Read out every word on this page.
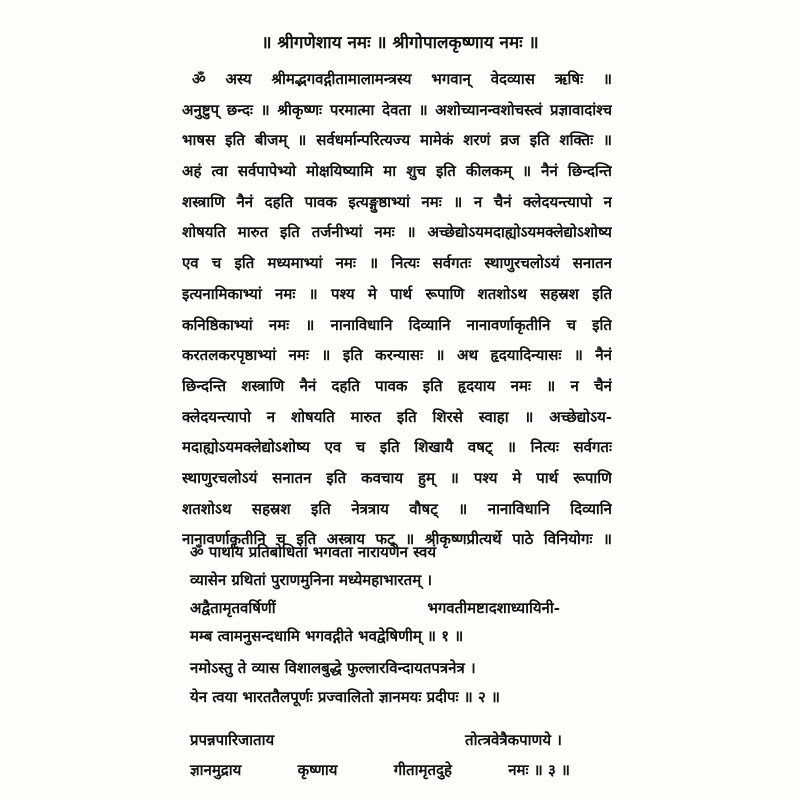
॥ श्रीगणेशाय नमः ॥ श्रीगोपालकृष्णाय नमः ॥
ॐ अस्य श्रीमद्भगवद्गीतामालामन्त्रस्य भगवान् वेदव्यास ऋषिः ॥
अनुष्टुप् छन्दः ॥ श्रीकृष्णः परमात्मा देवता ॥ अशोच्यानन्वशोचस्त्वं प्रज्ञावादांश्च
भाषस इति बीजम् ॥ सर्वधर्मान्परित्यज्य मामेकं शरणं व्रज इति शक्तिः ॥
अहं त्वा सर्वपापेभ्यो मोक्षयिष्यामि मा शुच इति कीलकम् ॥ नैनं छिन्दन्ति
शस्त्राणि नैनं दहति पावक इत्यङ्गुष्ठाभ्यां नमः ॥ न चैनं क्लेदयन्त्यापो न
शोषयति मारुत इति तर्जनीभ्यां नमः ॥ अच्छेद्योऽयमदाह्योऽयमक्लेद्योऽशोष्य
एव च इति मध्यमाभ्यां नमः ॥ नित्यः सर्वगतः स्थाणुरचलोऽयं सनातन
इत्यनामिकाभ्यां नमः ॥ पश्य मे पार्थ रूपाणि शतशोऽथ सहस्रश इति
कनिष्ठिकाभ्यां नमः ॥ नानाविधानि दिव्यानि नानावर्णाकृतीनि च इति
करतलकरपृष्ठाभ्यां नमः ॥ इति करन्यासः ॥ अथ हृदयादिन्यासः ॥ नैनं
छिन्दन्ति शस्त्राणि नैनं दहति पावक इति हृदयाय नमः ॥ न चैनं
क्लेदयन्त्यापो न शोषयति मारुत इति शिरसे स्वाहा ॥ अच्छेद्योऽय-
मदाह्योऽयमक्लेद्योऽशोष्य एव च इति शिखायै वषट् ॥ नित्यः सर्वगतः
स्थाणुरचलोऽयं सनातन इति कवचाय हुम् ॥ पश्य मे पार्थ रूपाणि
शतशोऽथ सहस्रश इति नेत्रत्राय वौषट् ॥ नानाविधानि दिव्यानि
नानावर्णाकृतीनि च इति अस्त्राय फट् ॥ श्रीकृष्णप्रीत्यर्थे पाठे विनियोगः ॥
ॐ पार्थाय प्रतिबोधितां भगवता नारायणेन स्वयं
व्यासेन ग्रथितां पुराणमुनिना मध्येमहाभारतम् ।
अद्वैतामृतवर्षिणीं	भगवतीमष्टादशाध्यायिनी-
मम्ब त्वामनुसन्दधामि भगवद्गीते भवद्वेषिणीम् ॥ १ ॥
नमोऽस्तु ते व्यास विशालबुद्धे फुल्लारविन्दायतपत्रनेत्र ।
येन त्वया भारततैलपूर्णः प्रज्वालितो ज्ञानमयः प्रदीपः ॥ २ ॥
प्रपन्नपारिजाताय	तोत्त्रवेत्रैकपाणये ।
ज्ञानमुद्राय	कृष्णाय	गीतामृतदुहे	नमः ॥ ३ ॥
